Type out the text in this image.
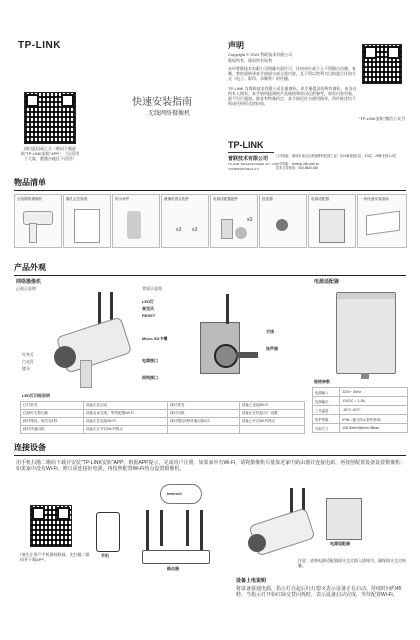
TP-LINK
请扫此码或上方二维码下载最新"TP-LINK安防"APP！（仅适用于大陆，港澳台地区不适用）
快速安装指南
无线网络摄像机
声明
Copyright © 2022 普联技术有限公司
版权所有，保留所有权利
未经普联技术有限公司明确书面许可，任何单位或个人不得擅自仿制、复制、誊抄或转译本手册部分或全部内容，且不得以营利为目的进行任何方式（电子、影印、录制等）的传播。
TP-LINK 为普联技术有限公司注册商标。本手册提及的所有商标，由各自所有人拥有。本手册所提到的产品规格和资讯仅供参考，如有内容更新，恕不另行通知。除非有特殊约定，本手册仅作为使用指导，所作陈述均不构成任何形式的担保。
"TP-LINK安防"微信公众号
TP-LINK
普联技术有限公司
TP-LINK TECHNOLOGIES CO., LTD.
公司地址：深圳市南山区深南路科技园工业厂房24栋南段1层、3-5层、28栋北段1-4层
公司网址：www.tp-link.com.cn
技术支持热线：400-8830-630
7103505183 REV1.0.0
物品清单
无线网络摄像机	爆孔定位贴纸	防水套件	摄像机固定配件
x3 x3
电源适配器配件
x3
扭矩器	电源适配器	一体快速安装指南
产品外观
网络摄像机
正视示意图	背面示意图
红外灯
白光灯
镜头
LED灯
麦克风
RESET
Micro SD卡槽
电源接口
网络接口
天线
扬声器
LED灯闪烁说明
红灯常亮	设备正在启动	绿灯常亮	设备已连接Wi-Fi
红绿灯交替闪烁	设备启动完成，等待配置Wi-Fi	绿灯闪烁	设备正在恢复出厂设置
绿灯慢闪，再次变1秒	设备正在连接Wi-Fi	绿灯慢闪2秒快速闪烁2次	设备已开启Wi-Fi热点
绿灯快速闪烁	设备正在开启Wi-Fi热点		
电源适配器
规格参数
电源输入	220V~ 50Hz
电源输出	12VDC ⎓ 1.5A
工作温度	-30℃~60℃
防护等级	IP66（配合防水套件使用）
外形尺寸	108.8mm×68mm×38mm
连接设备
用手机扫描二维码下载并安装“TP-LINK安防”APP。根据APP提示，完成用户注册。如果家中有Wi-Fi，请将摄像机尽量靠近家中路由器并连接电源，再按照配置设备设置摄像机；如果家中没有Wi-Fi，则只需连接好电源，再按照配置Wi-Fi热点设置摄像机。
*请先让用户手机保持联网，先扫描二维码并下载APP。
手机
Internet
路由器
电源适配器
注意：请将电源适配器插头完全插入插座内，确保插头完全接触。
设备上电说明
将设备接通电源，指示灯亮起后红灯熄灭表示设备正在启动，持续时间约45秒。当指示灯开始红绿交替闪烁时，表示设备启动完成，等待配置Wi-Fi。
